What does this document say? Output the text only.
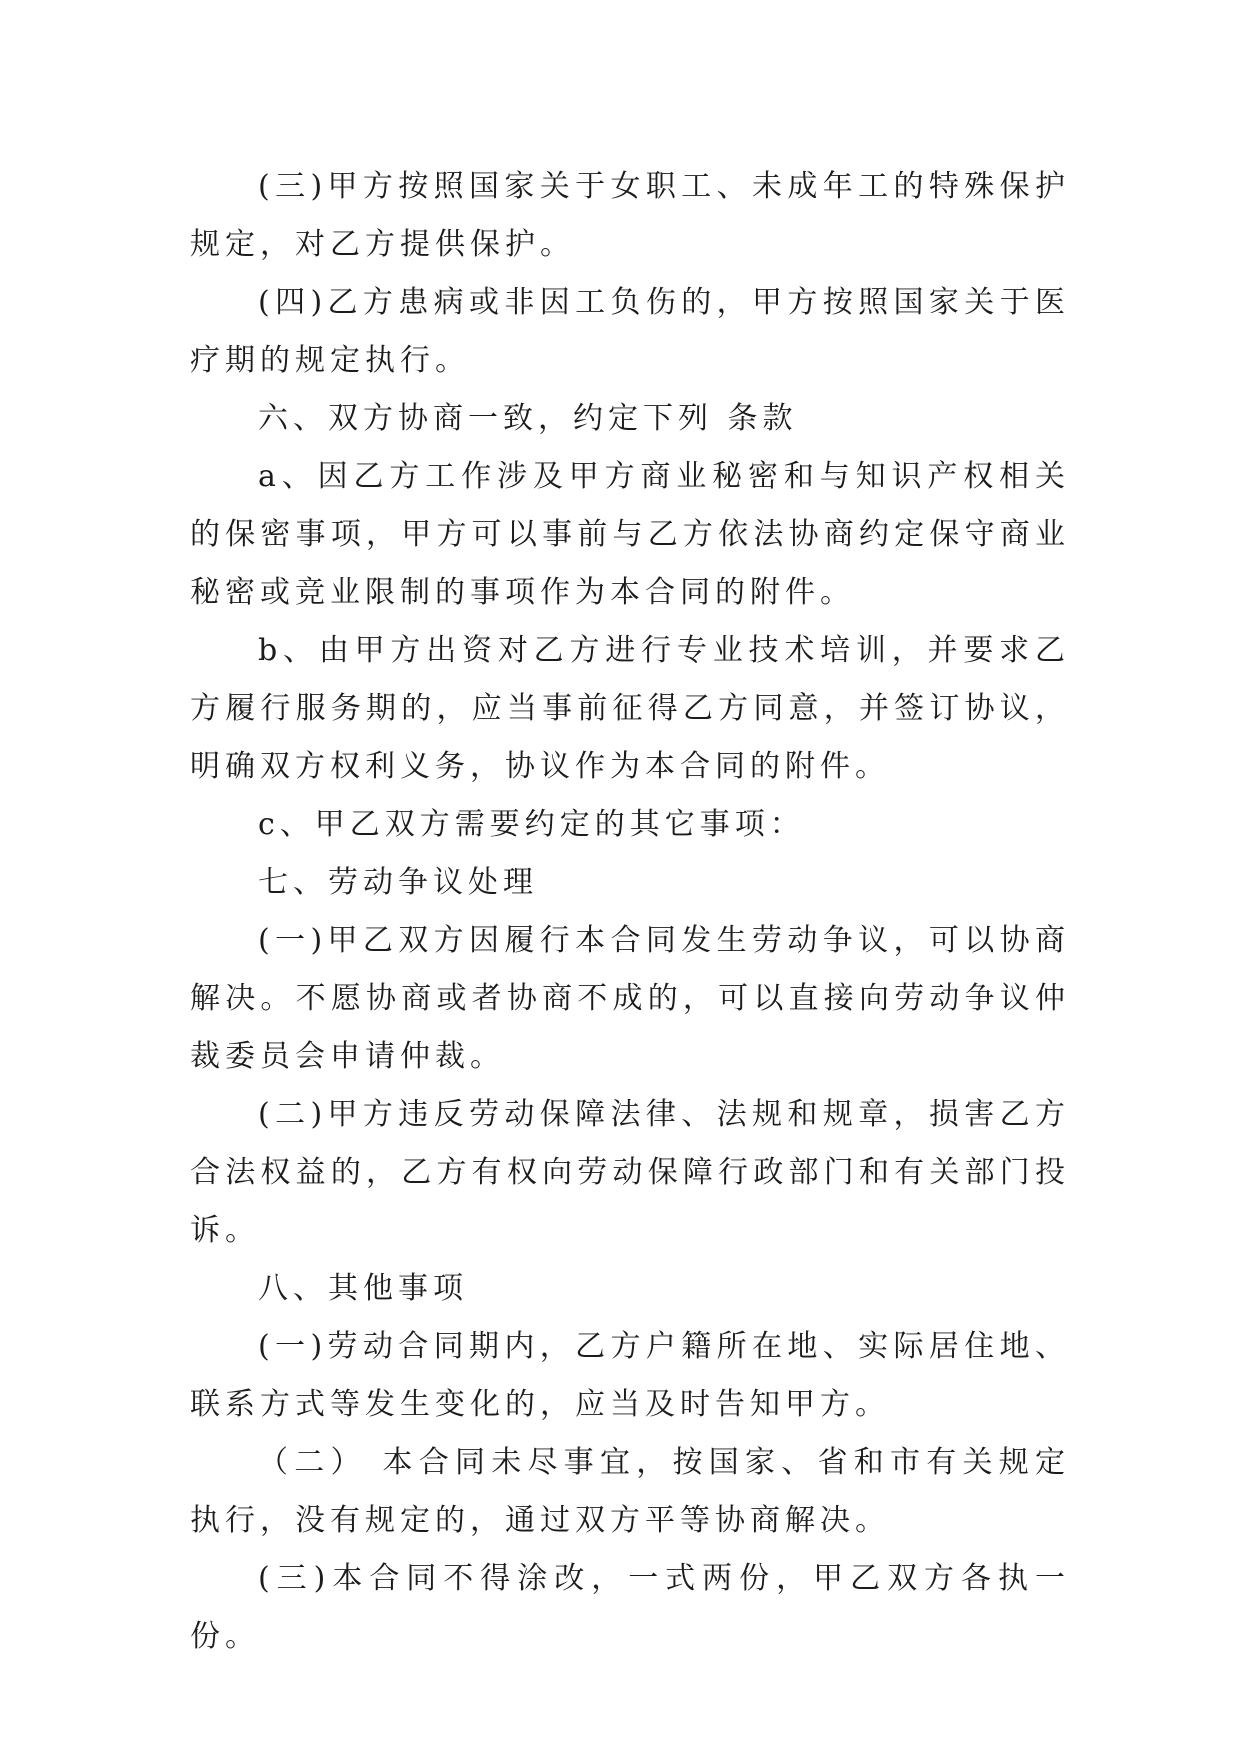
(三)甲方按照国家关于女职工、未成年工的特殊保护规定，对乙方提供保护。

(四)乙方患病或非因工负伤的，甲方按照国家关于医疗期的规定执行。

六、双方协商一致，约定下列 条款

a、因乙方工作涉及甲方商业秘密和与知识产权相关的保密事项，甲方可以事前与乙方依法协商约定保守商业秘密或竞业限制的事项作为本合同的附件。

b、由甲方出资对乙方进行专业技术培训，并要求乙方履行服务期的，应当事前征得乙方同意，并签订协议，明确双方权利义务，协议作为本合同的附件。

c、甲乙双方需要约定的其它事项：

七、劳动争议处理

(一)甲乙双方因履行本合同发生劳动争议，可以协商解决。不愿协商或者协商不成的，可以直接向劳动争议仲裁委员会申请仲裁。

(二)甲方违反劳动保障法律、法规和规章，损害乙方合法权益的，乙方有权向劳动保障行政部门和有关部门投诉。

八、其他事项

(一)劳动合同期内，乙方户籍所在地、实际居住地、联系方式等发生变化的，应当及时告知甲方。

（二） 本合同未尽事宜，按国家、省和市有关规定执行，没有规定的，通过双方平等协商解决。

(三)本合同不得涂改，一式两份，甲乙双方各执一份。
